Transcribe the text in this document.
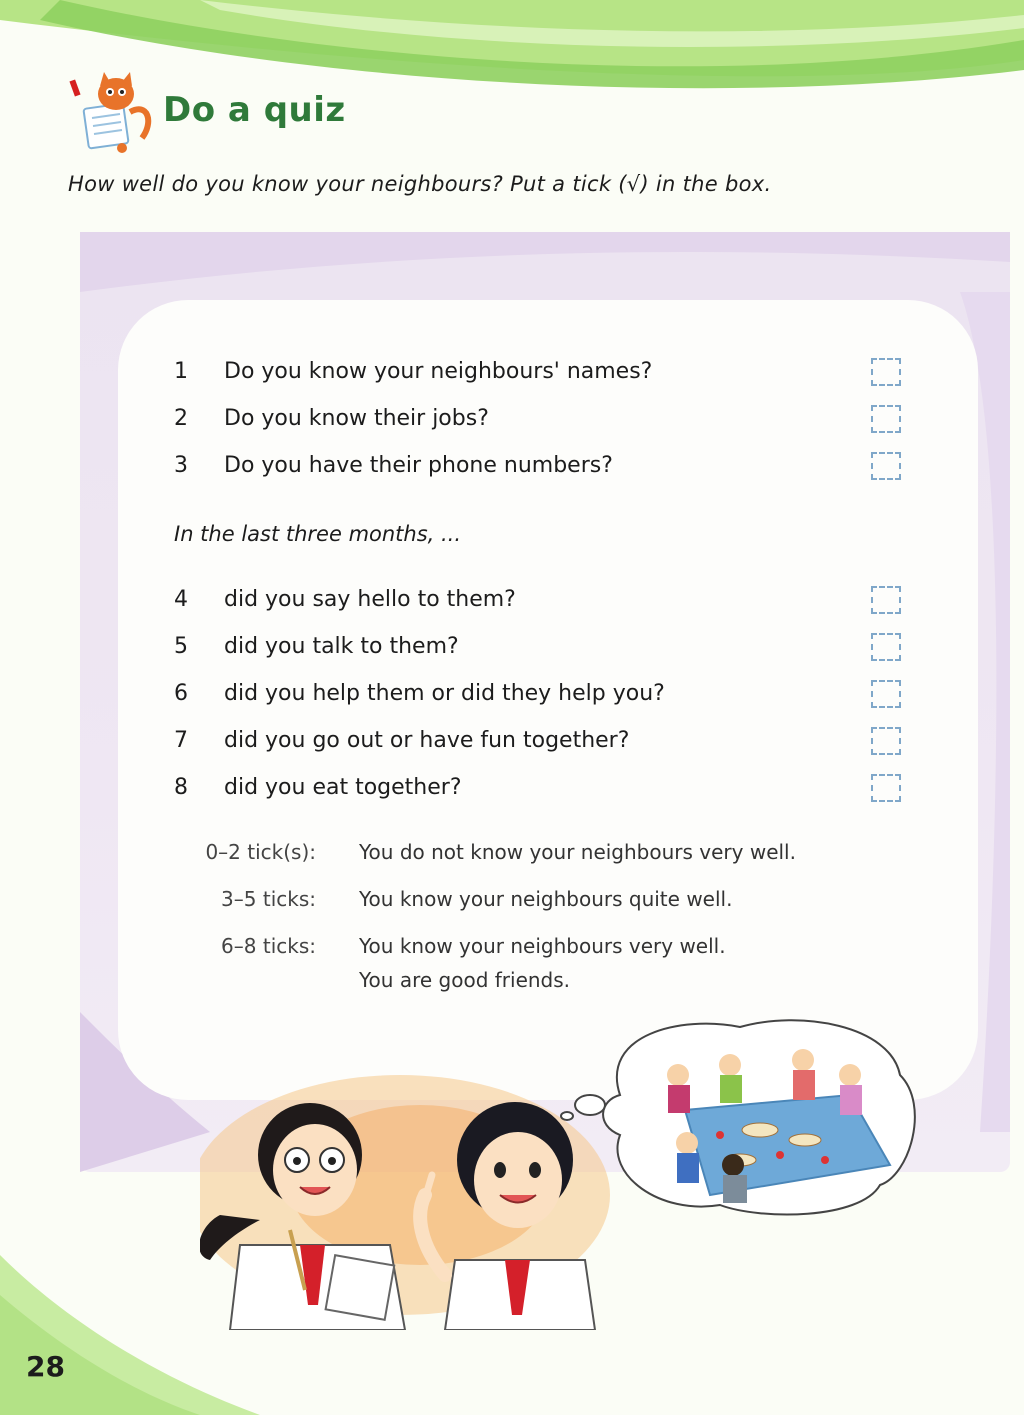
Do a quiz

How well do you know your neighbours? Put a tick (√) in the box.

1	Do you know your neighbours' names?
2	Do you know their jobs?
3	Do you have their phone numbers?

In the last three months, ...

4	did you say hello to them?
5	did you talk to them?
6	did you help them or did they help you?
7	did you go out or have fun together?
8	did you eat together?
0–2 tick(s): You do not know your neighbours very well.
3–5 ticks: You know your neighbours quite well.
6–8 ticks: You know your neighbours very well.
You are good friends.

28
